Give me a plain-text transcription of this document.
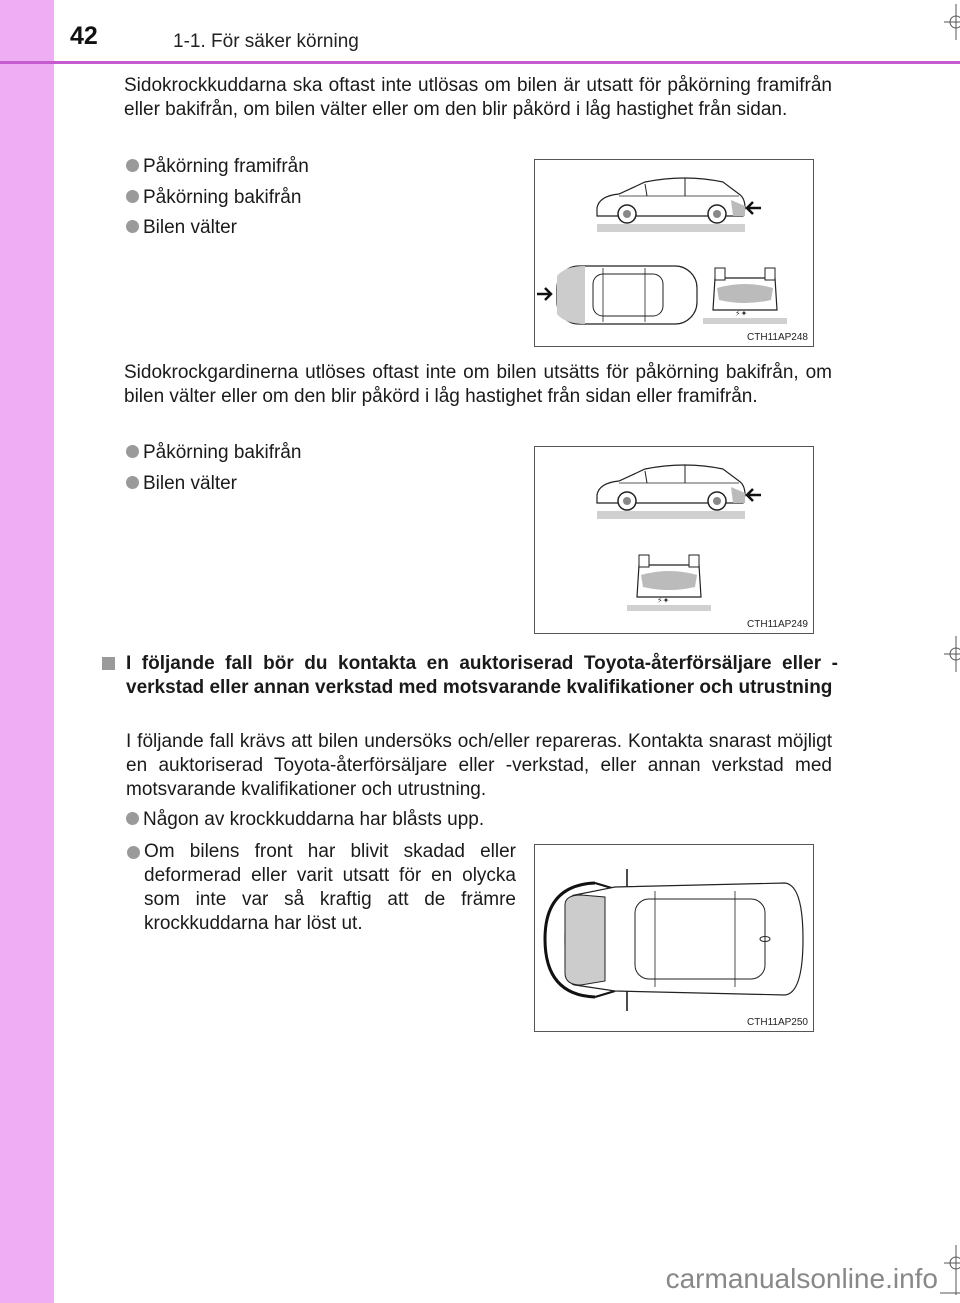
42	1-1. För säker körning
Sidokrockkuddarna ska oftast inte utlösas om bilen är utsatt för påkörning framifrån eller bakifrån, om bilen välter eller om den blir påkörd i låg hastighet från sidan.
Påkörning framifrån
Påkörning bakifrån
Bilen välter
⚡✦
CTH11AP248
Sidokrockgardinerna utlöses oftast inte om bilen utsätts för påkörning bakifrån, om bilen välter eller om den blir påkörd i låg hastighet från sidan eller framifrån.
Påkörning bakifrån
Bilen välter
⚡✦
CTH11AP249
I följande fall bör du kontakta en auktoriserad Toyota-återförsäljare eller -verkstad eller annan verkstad med motsvarande kvalifikationer och utrustning
I följande fall krävs att bilen undersöks och/eller repareras. Kontakta snarast möjligt en auktoriserad Toyota-återförsäljare eller -verkstad, eller annan verkstad med motsvarande kvalifikationer och utrustning.
Någon av krockkuddarna har blåsts upp.
Om bilens front har blivit skadad eller deformerad eller varit utsatt för en olycka som inte var så kraftig att de främre krockkuddarna har löst ut.
CTH11AP250
carmanualsonline.info
